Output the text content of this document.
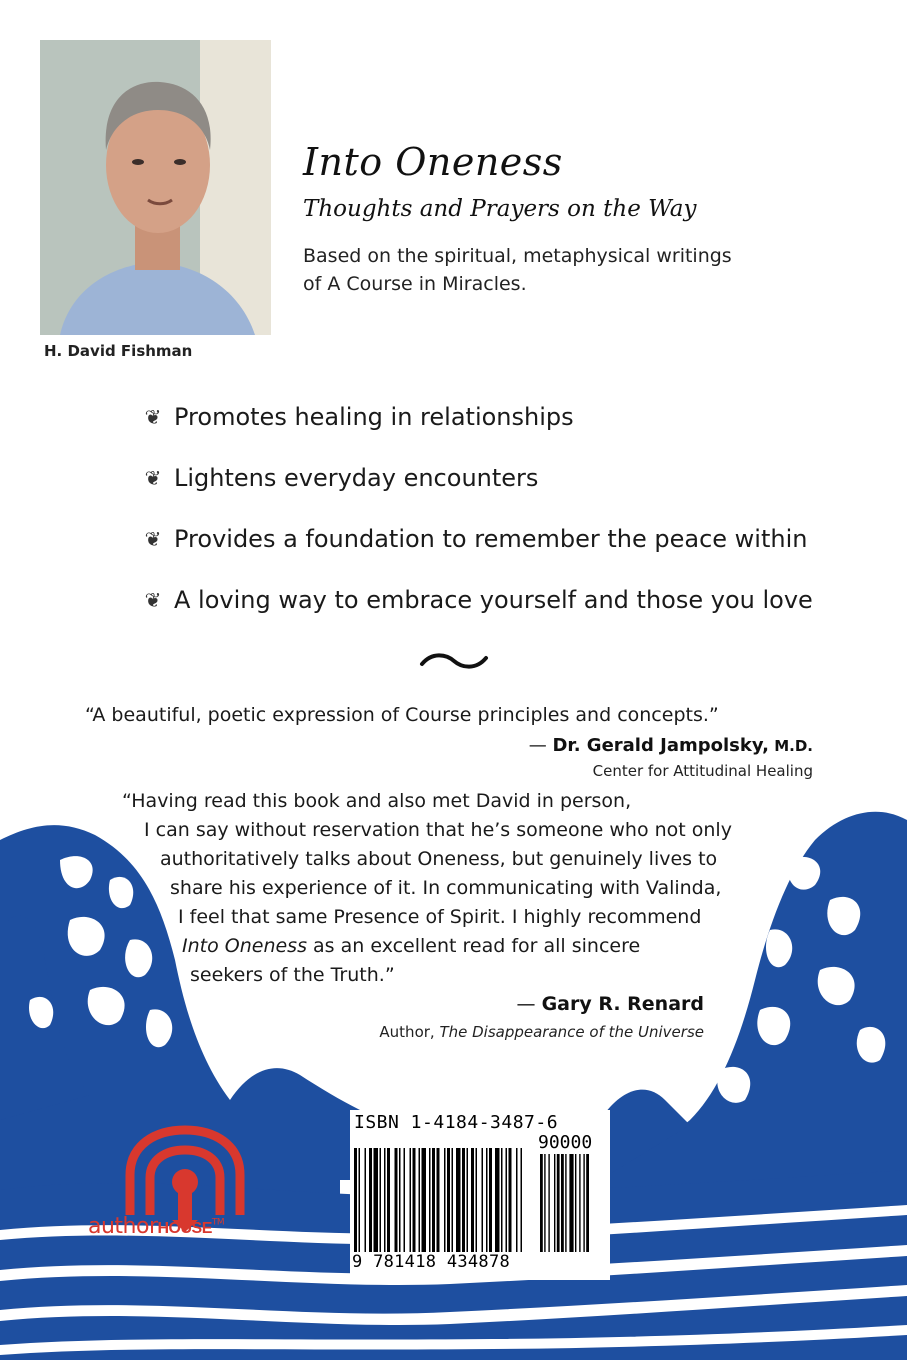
H. David Fishman
Into Oneness
Thoughts and Prayers on the Way
Based on the spiritual, metaphysical writings
of A Course in Miracles.
❦ Promotes healing in relationships
❦ Lightens everyday encounters
❦ Provides a foundation to remember the peace within
❦ A loving way to embrace yourself and those you love
“A beautiful, poetic expression of Course principles and concepts.”
— Dr. Gerald Jampolsky, M.D.
Center for Attitudinal Healing
“Having read this book and also met David in person,
I can say without reservation that he’s someone who not only
authoritatively talks about Oneness, but genuinely lives to
share his experience of it. In communicating with Valinda,
I feel that same Presence of Spirit. I highly recommend
Into Oneness as an excellent read for all sincere
seekers of the Truth.”
— Gary R. Renard
Author, The Disappearance of the Universe
authorHOUSE™
ISBN 1-4184-3487-6
90000
9 781418 434878
